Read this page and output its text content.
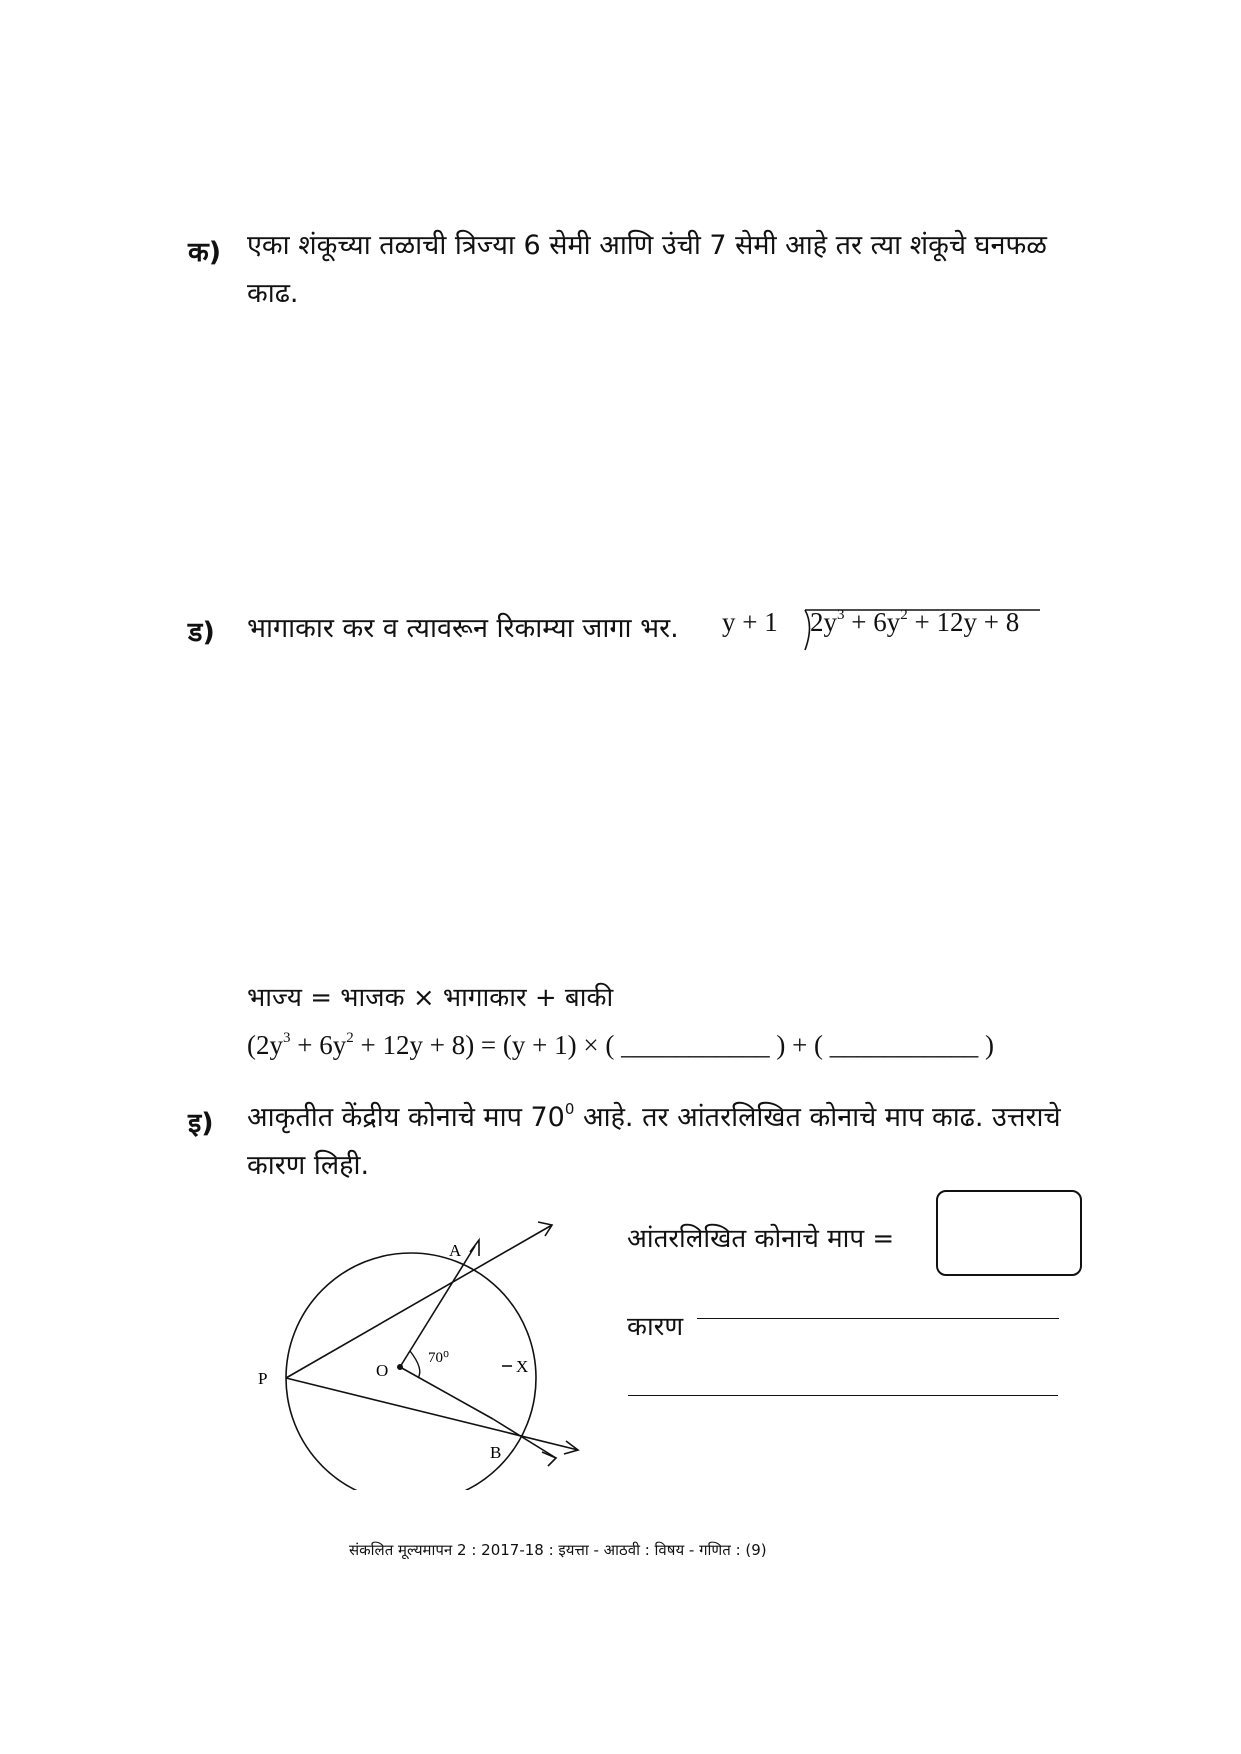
क) एका शंकूच्या तळाची त्रिज्या 6 सेमी आणि उंची 7 सेमी आहे तर त्या शंकूचे घनफळ
काढ.
ड) भागाकार कर व त्यावरून रिकाम्या जागा भर. y + 1 $2y^3 + 6y^2 + 12y + 8$
भाज्य = भाजक × भागाकार + बाकी
$(2y^3 + 6y^2 + 12y + 8) = (y + 1)$ × ( ___________ ) + ( ___________ )
इ) आकृतीत केंद्रीय कोनाचे माप $70^0$ आहे. तर आंतरलिखित कोनाचे माप काढ. उत्तराचे
कारण लिही.
A
B
P	O	X
70⁰
आंतरलिखित कोनाचे माप =
कारण
संकलित मूल्यमापन 2 : 2017-18 : इयत्ता - आठवी : विषय - गणित : (9)
